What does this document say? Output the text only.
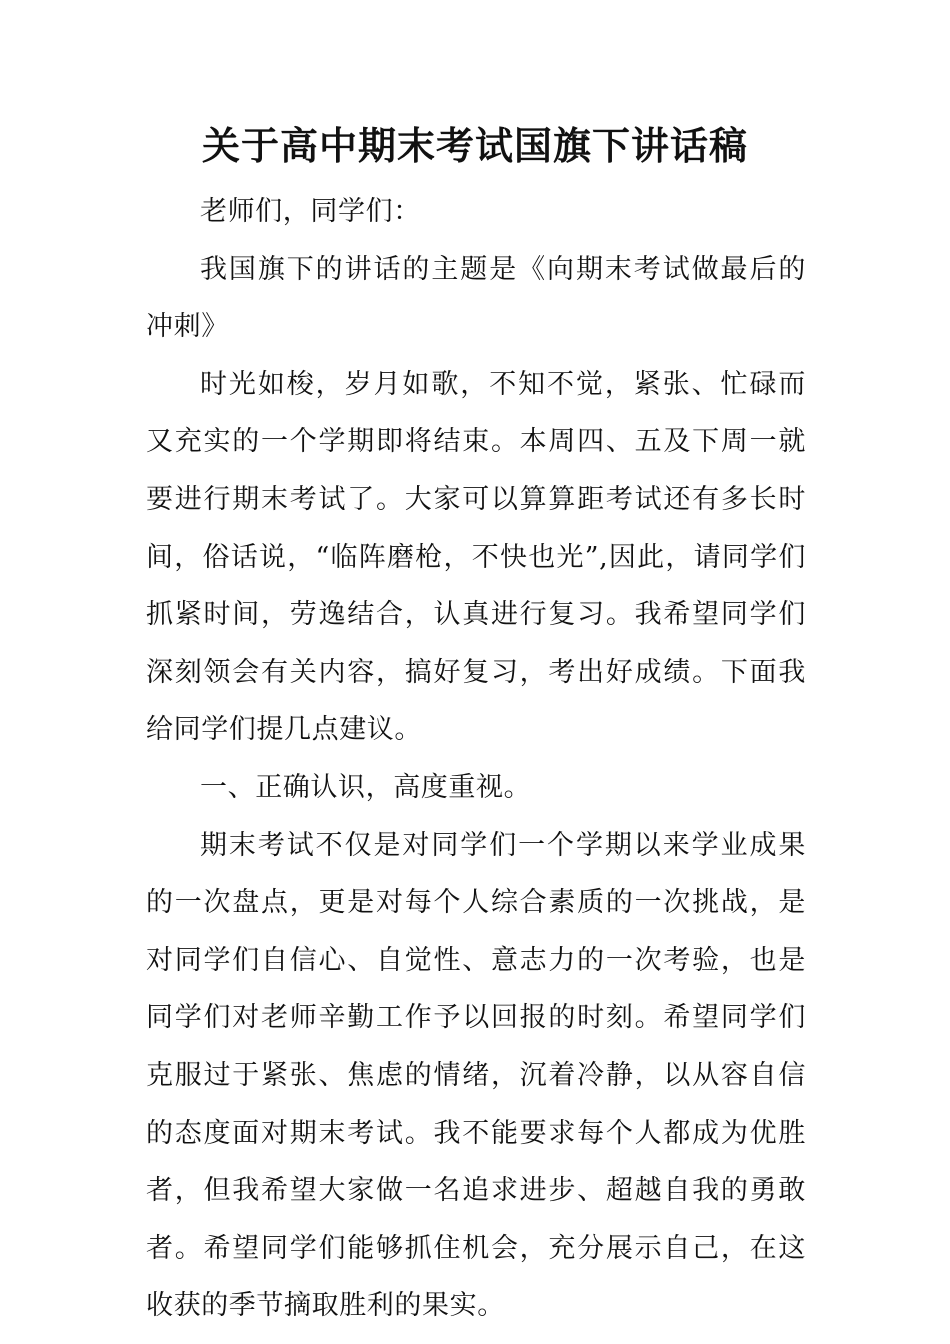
关于高中期末考试国旗下讲话稿

老师们，同学们：

我国旗下的讲话的主题是《向期末考试做最后的冲刺》

时光如梭，岁月如歌，不知不觉，紧张、忙碌而又充实的一个学期即将结束。本周四、五及下周一就要进行期末考试了。大家可以算算距考试还有多长时间，俗话说，“临阵磨枪，不快也光”,因此，请同学们抓紧时间，劳逸结合，认真进行复习。我希望同学们深刻领会有关内容，搞好复习，考出好成绩。下面我给同学们提几点建议。

一、正确认识，高度重视。

期末考试不仅是对同学们一个学期以来学业成果的一次盘点，更是对每个人综合素质的一次挑战，是对同学们自信心、自觉性、意志力的一次考验，也是同学们对老师辛勤工作予以回报的时刻。希望同学们克服过于紧张、焦虑的情绪，沉着冷静，以从容自信的态度面对期末考试。我不能要求每个人都成为优胜者，但我希望大家做一名追求进步、超越自我的勇敢者。希望同学们能够抓住机会，充分展示自己，在这收获的季节摘取胜利的果实。
